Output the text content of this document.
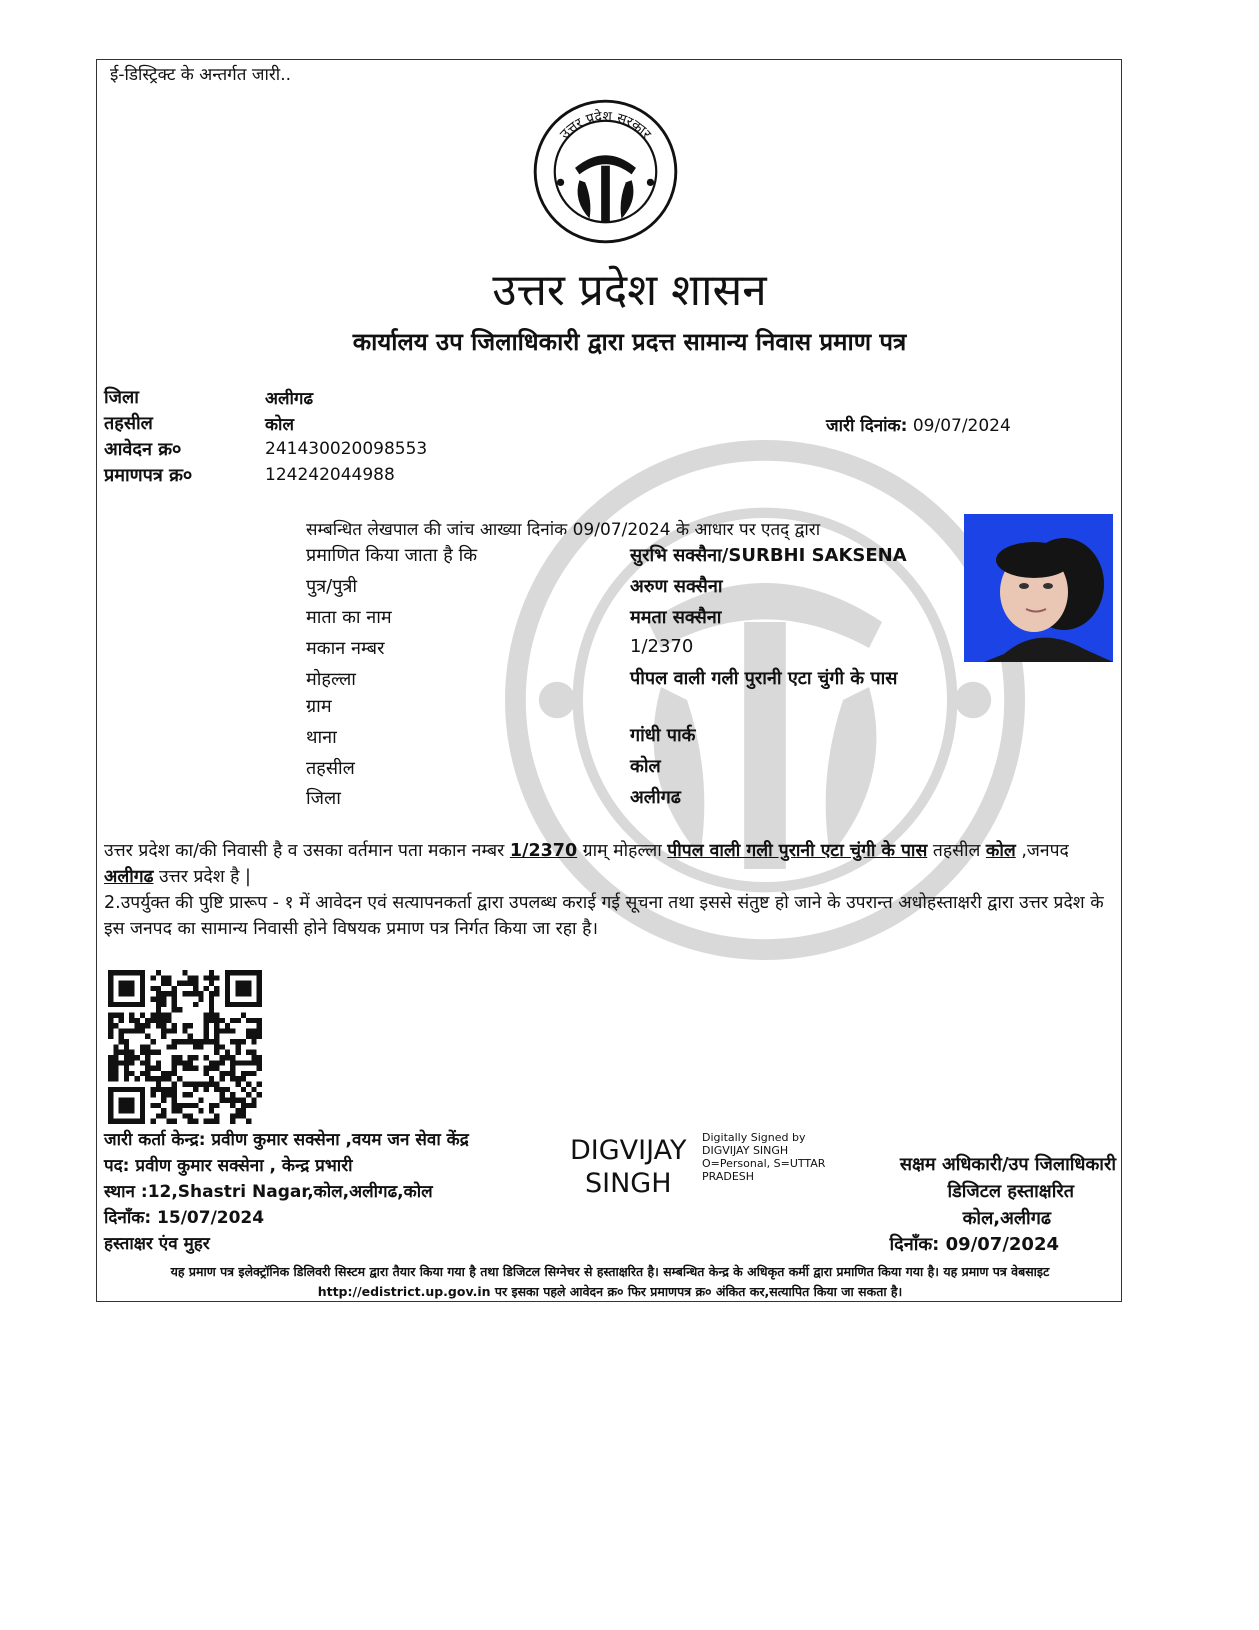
ई-डिस्ट्रिक्ट के अन्तर्गत जारी..
उत्तर प्रदेश सरकार
उत्तर प्रदेश शासन
कार्यालय उप जिलाधिकारी द्वारा प्रदत्त सामान्य निवास प्रमाण पत्र
जिला	अलीगढ
तहसील	कोल
आवेदन क्र०	241430020098553
प्रमाणपत्र क्र०	124242044988
जारी दिनांक: 09/07/2024
सम्बन्धित लेखपाल की जांच आख्या दिनांक 09/07/2024 के आधार पर एतद् द्वारा
प्रमाणित किया जाता है कि	सुरभि सक्सैना/SURBHI SAKSENA
पुत्र/पुत्री	अरुण सक्सैना
माता का नाम	ममता सक्सैना
मकान नम्बर	1/2370
मोहल्ला	पीपल वाली गली पुरानी एटा चुंगी के पास
ग्राम
थाना	गांधी पार्क
तहसील	कोल
जिला	अलीगढ
उत्तर प्रदेश का/की निवासी है व उसका वर्तमान पता मकान नम्बर 1/2370 ग्राम् मोहल्ला पीपल वाली गली पुरानी एटा चुंगी के पास तहसील कोल ,जनपद अलीगढ उत्तर प्रदेश है |
2.उपर्युक्त की पुष्टि प्रारूप - १ में आवेदन एवं सत्यापनकर्ता द्वारा उपलब्ध कराई गई सूचना तथा इससे संतुष्ट हो जाने के उपरान्त अधोहस्ताक्षरी द्वारा उत्तर प्रदेश के इस जनपद का सामान्य निवासी होने विषयक प्रमाण पत्र निर्गत किया जा रहा है।
जारी कर्ता केन्द्र: प्रवीण कुमार सक्सेना ,वयम जन सेवा केंद्र
पद: प्रवीण कुमार सक्सेना , केन्द्र प्रभारी
स्थान :12,Shastri Nagar,कोल,अलीगढ,कोल
दिनाँक: 15/07/2024
हस्ताक्षर एंव मुहर
DIGVIJAY
SINGH
Digitally Signed by
DIGVIJAY SINGH
O=Personal, S=UTTAR
PRADESH
सक्षम अधिकारी/उप जिलाधिकारी
डिजिटल हस्ताक्षरित
कोल,अलीगढ
दिनाँक: 09/07/2024
यह प्रमाण पत्र इलेक्ट्रॉनिक डिलिवरी सिस्टम द्वारा तैयार किया गया है तथा डिजिटल सिग्नेचर से हस्ताक्षरित है। सम्बन्धित केन्द्र के अधिकृत कर्मी द्वारा प्रमाणित किया गया है। यह प्रमाण पत्र वेबसाइट http://edistrict.up.gov.in पर इसका पहले आवेदन क्र० फिर प्रमाणपत्र क्र० अंकित कर,सत्यापित किया जा सकता है।
